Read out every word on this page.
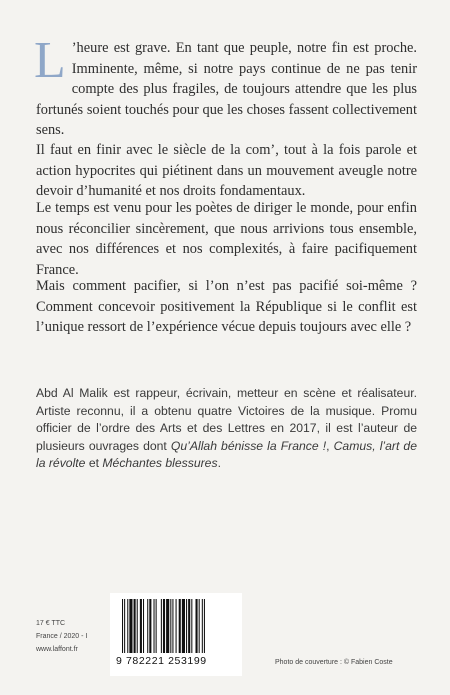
L ’heure est grave. En tant que peuple, notre fin est proche. Imminente, même, si notre pays continue de ne pas tenir compte des plus fragiles, de toujours attendre que les plus fortunés soient touchés pour que les choses fassent collectivement sens.
Il faut en finir avec le siècle de la com’, tout à la fois parole et action hypocrites qui piétinent dans un mouvement aveugle notre devoir d’humanité et nos droits fondamentaux.
Le temps est venu pour les poètes de diriger le monde, pour enfin nous réconcilier sincèrement, que nous arrivions tous ensemble, avec nos différences et nos complexités, à faire pacifiquement France.
Mais comment pacifier, si l’on n’est pas pacifié soi-même ? Comment concevoir positivement la République si le conflit est l’unique ressort de l’expérience vécue depuis toujours avec elle ?
Abd Al Malik est rappeur, écrivain, metteur en scène et réalisateur. Artiste reconnu, il a obtenu quatre Victoires de la musique. Promu officier de l’ordre des Arts et des Lettres en 2017, il est l’auteur de plusieurs ouvrages dont Qu’Allah bénisse la France !, Camus, l’art de la révolte et Méchantes blessures.
17 € TTC
France / 2020 - I
www.laffont.fr
9 782221 253199	Photo de couverture : © Fabien Coste
